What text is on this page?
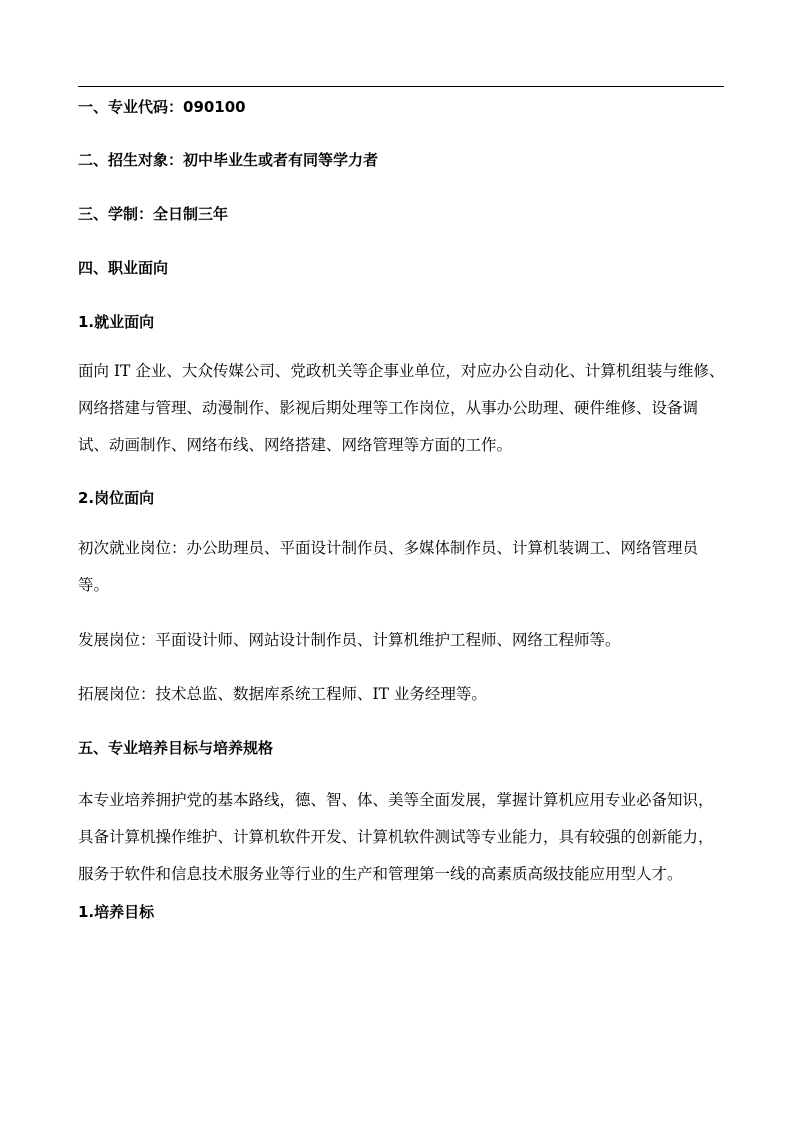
一、专业代码：090100
二、招生对象：初中毕业生或者有同等学力者
三、学制：全日制三年
四、职业面向
1.就业面向
面向 IT 企业、大众传媒公司、党政机关等企事业单位，对应办公自动化、计算机组装与维修、
网络搭建与管理、动漫制作、影视后期处理等工作岗位，从事办公助理、硬件维修、设备调
试、动画制作、网络布线、网络搭建、网络管理等方面的工作。
2.岗位面向
初次就业岗位：办公助理员、平面设计制作员、多媒体制作员、计算机装调工、网络管理员
等。
发展岗位：平面设计师、网站设计制作员、计算机维护工程师、网络工程师等。
拓展岗位：技术总监、数据库系统工程师、IT 业务经理等。
五、专业培养目标与培养规格
本专业培养拥护党的基本路线，德、智、体、美等全面发展，掌握计算机应用专业必备知识，
具备计算机操作维护、计算机软件开发、计算机软件测试等专业能力，具有较强的创新能力，
服务于软件和信息技术服务业等行业的生产和管理第一线的高素质高级技能应用型人才。
1.培养目标
